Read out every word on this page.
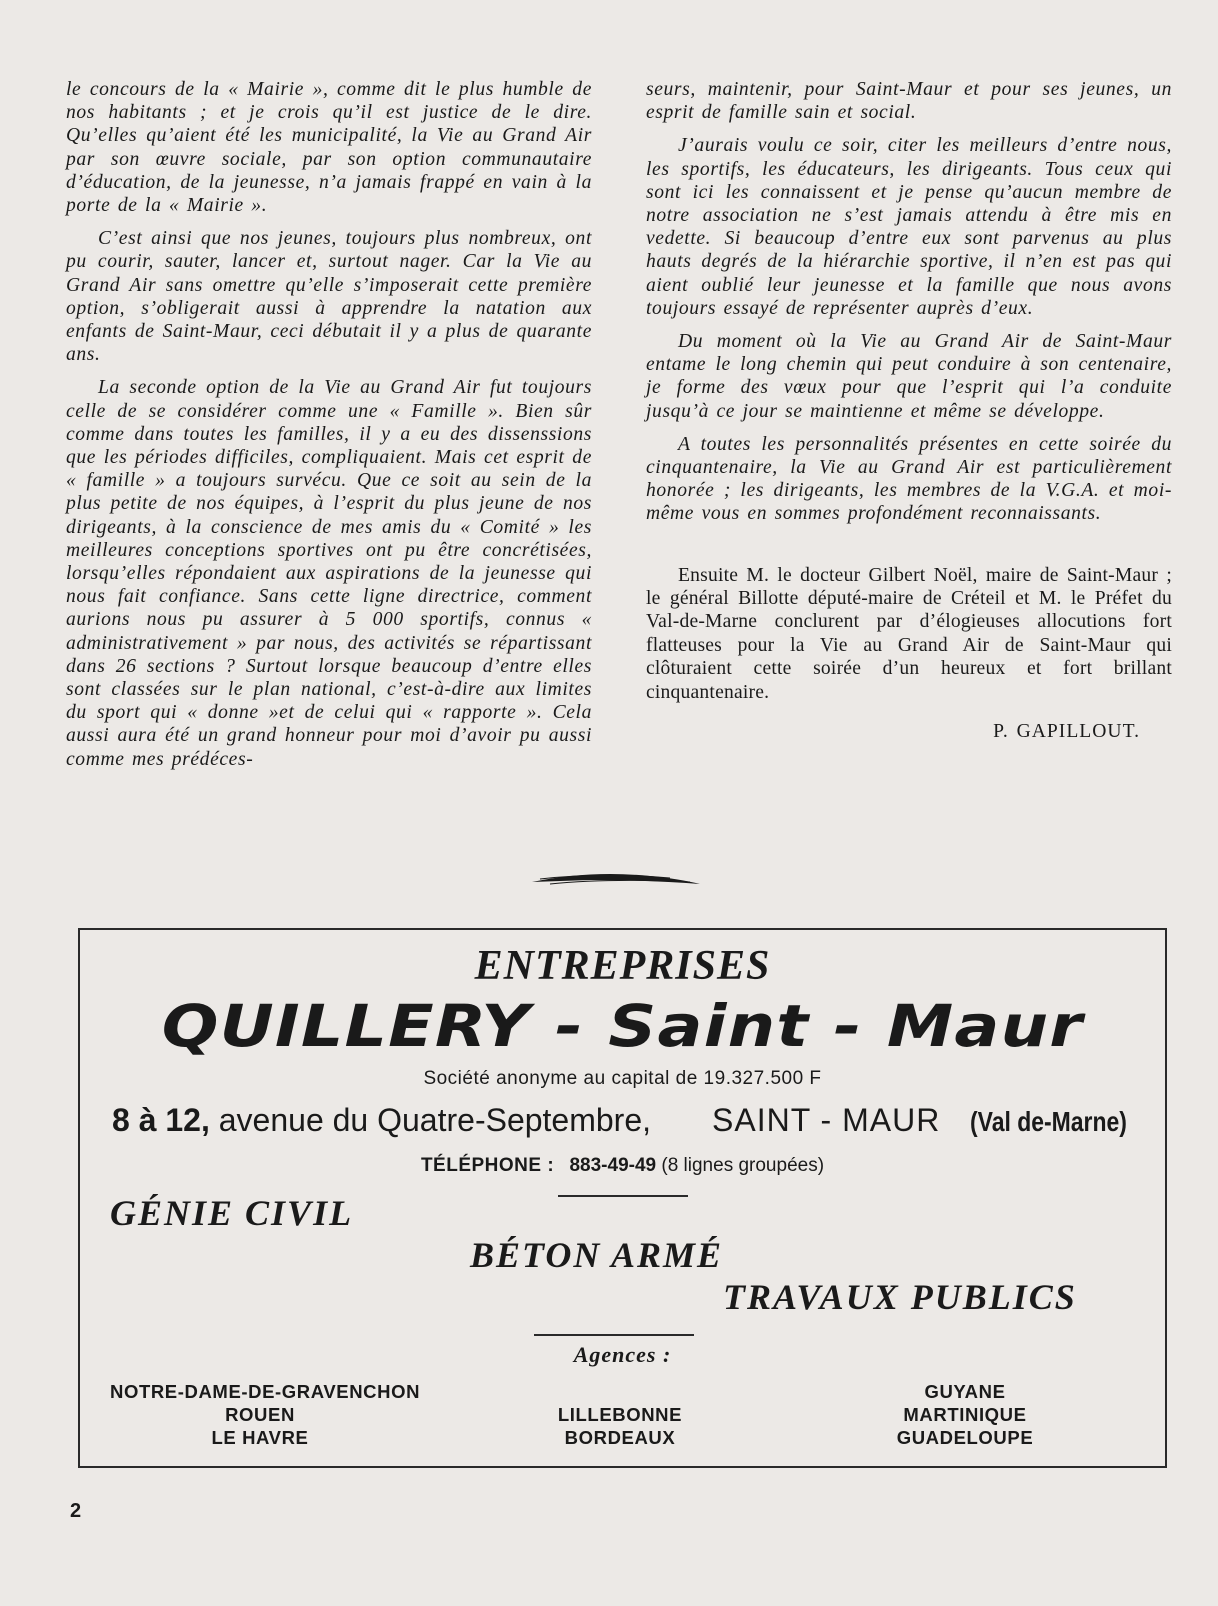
le concours de la « Mairie », comme dit le plus humble de nos habitants ; et je crois qu’il est justice de le dire. Qu’elles qu’aient été les municipalité, la Vie au Grand Air par son œuvre sociale, par son option communautaire d’éducation, de la jeunesse, n’a jamais frappé en vain à la porte de la « Mairie ».

C’est ainsi que nos jeunes, toujours plus nombreux, ont pu courir, sauter, lancer et, surtout nager. Car la Vie au Grand Air sans omettre qu’elle s’imposerait cette première option, s’obligerait aussi à apprendre la natation aux enfants de Saint-Maur, ceci débutait il y a plus de quarante ans.

La seconde option de la Vie au Grand Air fut toujours celle de se considérer comme une « Famille ». Bien sûr comme dans toutes les familles, il y a eu des dissenssions que les périodes difficiles, compliquaient. Mais cet esprit de « famille » a toujours survécu. Que ce soit au sein de la plus petite de nos équipes, à l’esprit du plus jeune de nos dirigeants, à la conscience de mes amis du « Comité » les meilleures conceptions sportives ont pu être concrétisées, lorsqu’elles répondaient aux aspirations de la jeunesse qui nous fait confiance. Sans cette ligne directrice, comment aurions nous pu assurer à 5 000 sportifs, connus « administrativement » par nous, des activités se répartissant dans 26 sections ? Surtout lorsque beaucoup d’entre elles sont classées sur le plan national, c’est-à-dire aux limites du sport qui « donne »et de celui qui « rapporte ». Cela aussi aura été un grand honneur pour moi d’avoir pu aussi comme mes prédéces-

seurs, maintenir, pour Saint-Maur et pour ses jeunes, un esprit de famille sain et social.

J’aurais voulu ce soir, citer les meilleurs d’entre nous, les sportifs, les éducateurs, les dirigeants. Tous ceux qui sont ici les connaissent et je pense qu’aucun membre de notre association ne s’est jamais attendu à être mis en vedette. Si beaucoup d’entre eux sont parvenus au plus hauts degrés de la hiérarchie sportive, il n’en est pas qui aient oublié leur jeunesse et la famille que nous avons toujours essayé de représenter auprès d’eux.

Du moment où la Vie au Grand Air de Saint-Maur entame le long chemin qui peut conduire à son centenaire, je forme des vœux pour que l’esprit qui l’a conduite jusqu’à ce jour se maintienne et même se développe.

A toutes les personnalités présentes en cette soirée du cinquantenaire, la Vie au Grand Air est particulièrement honorée ; les dirigeants, les membres de la V.G.A. et moi-même vous en sommes profondément reconnaissants.

Ensuite M. le docteur Gilbert Noël, maire de Saint-Maur ; le général Billotte député-maire de Créteil et M. le Préfet du Val-de-Marne conclurent par d’élogieuses allocutions fort flatteuses pour la Vie au Grand Air de Saint-Maur qui clôturaient cette soirée d’un heureux et fort brillant cinquantenaire.

P. GAPILLOUT.

ENTREPRISES
QUILLERY - Saint - Maur
Société anonyme au capital de 19.327.500 F
8 à 12, avenue du Quatre-Septembre, SAINT - MAUR (Val de-Marne)
TÉLÉPHONE : 883-49-49 (8 lignes groupées)
GÉNIE CIVIL
BÉTON ARMÉ
TRAVAUX PUBLICS
Agences :
NOTRE-DAME-DE-GRAVENCHON
ROUEN
LE HAVRE
LILLEBONNE
BORDEAUX
GUYANE
MARTINIQUE
GUADELOUPE
2
